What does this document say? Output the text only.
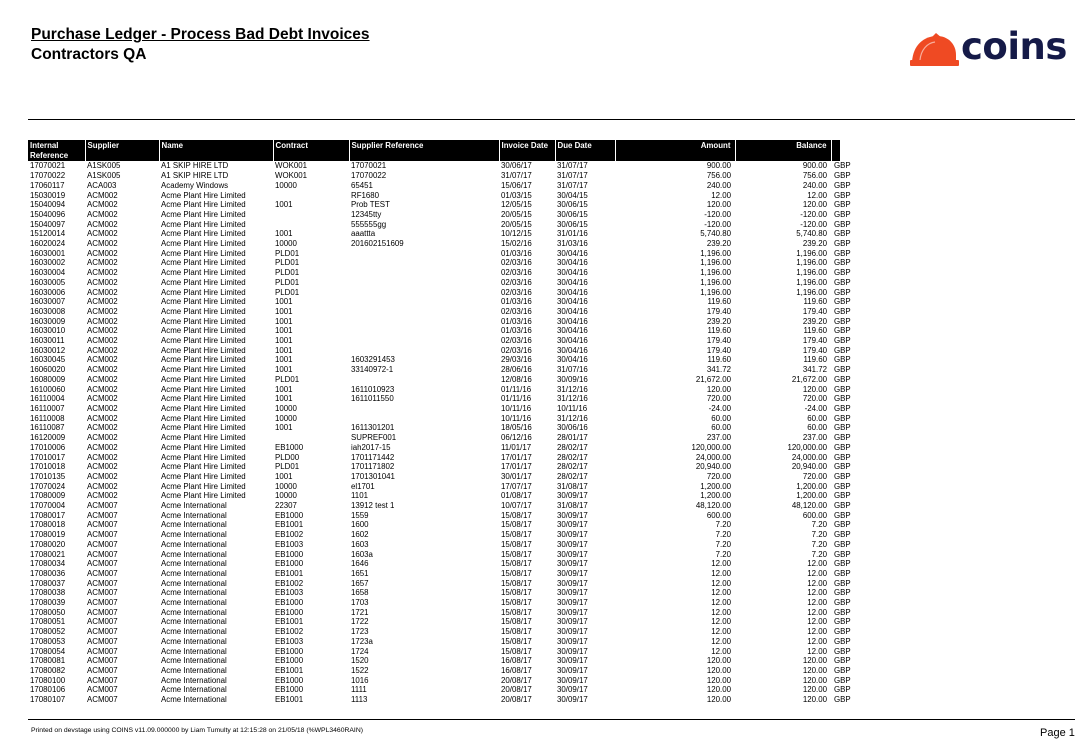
Purchase Ledger - Process Bad Debt Invoices
Contractors QA	coins
Internal Reference	Supplier	Name	Contract	Supplier Reference	Invoice Date	Due Date	Amount	Balance	
17070021	A1SK005	A1 SKIP HIRE LTD	WOK001	17070021	30/06/17	31/07/17	900.00	900.00	GBP
17070022	A1SK005	A1 SKIP HIRE LTD	WOK001	17070022	31/07/17	31/07/17	756.00	756.00	GBP
17060117	ACA003	Academy Windows	10000	65451	15/06/17	31/07/17	240.00	240.00	GBP
15030019	ACM002	Acme Plant Hire Limited		RF1680	01/03/15	30/04/15	12.00	12.00	GBP
15040094	ACM002	Acme Plant Hire Limited	1001	Prob TEST	12/05/15	30/06/15	120.00	120.00	GBP
15040096	ACM002	Acme Plant Hire Limited		12345tty	20/05/15	30/06/15	-120.00	-120.00	GBP
15040097	ACM002	Acme Plant Hire Limited		555555gg	20/05/15	30/06/15	-120.00	-120.00	GBP
15120014	ACM002	Acme Plant Hire Limited	1001	aaattta	10/12/15	31/01/16	5,740.80	5,740.80	GBP
16020024	ACM002	Acme Plant Hire Limited	10000	201602151609	15/02/16	31/03/16	239.20	239.20	GBP
16030001	ACM002	Acme Plant Hire Limited	PLD01		01/03/16	30/04/16	1,196.00	1,196.00	GBP
16030002	ACM002	Acme Plant Hire Limited	PLD01		02/03/16	30/04/16	1,196.00	1,196.00	GBP
16030004	ACM002	Acme Plant Hire Limited	PLD01		02/03/16	30/04/16	1,196.00	1,196.00	GBP
16030005	ACM002	Acme Plant Hire Limited	PLD01		02/03/16	30/04/16	1,196.00	1,196.00	GBP
16030006	ACM002	Acme Plant Hire Limited	PLD01		02/03/16	30/04/16	1,196.00	1,196.00	GBP
16030007	ACM002	Acme Plant Hire Limited	1001		01/03/16	30/04/16	119.60	119.60	GBP
16030008	ACM002	Acme Plant Hire Limited	1001		02/03/16	30/04/16	179.40	179.40	GBP
16030009	ACM002	Acme Plant Hire Limited	1001		01/03/16	30/04/16	239.20	239.20	GBP
16030010	ACM002	Acme Plant Hire Limited	1001		01/03/16	30/04/16	119.60	119.60	GBP
16030011	ACM002	Acme Plant Hire Limited	1001		02/03/16	30/04/16	179.40	179.40	GBP
16030012	ACM002	Acme Plant Hire Limited	1001		02/03/16	30/04/16	179.40	179.40	GBP
16030045	ACM002	Acme Plant Hire Limited	1001	1603291453	29/03/16	30/04/16	119.60	119.60	GBP
16060020	ACM002	Acme Plant Hire Limited	1001	33140972-1	28/06/16	31/07/16	341.72	341.72	GBP
16080009	ACM002	Acme Plant Hire Limited	PLD01		12/08/16	30/09/16	21,672.00	21,672.00	GBP
16100060	ACM002	Acme Plant Hire Limited	1001	1611010923	01/11/16	31/12/16	120.00	120.00	GBP
16110004	ACM002	Acme Plant Hire Limited	1001	1611011550	01/11/16	31/12/16	720.00	720.00	GBP
16110007	ACM002	Acme Plant Hire Limited	10000		10/11/16	10/11/16	-24.00	-24.00	GBP
16110008	ACM002	Acme Plant Hire Limited	10000		10/11/16	31/12/16	60.00	60.00	GBP
16110087	ACM002	Acme Plant Hire Limited	1001	1611301201	18/05/16	30/06/16	60.00	60.00	GBP
16120009	ACM002	Acme Plant Hire Limited		SUPREF001	06/12/16	28/01/17	237.00	237.00	GBP
17010006	ACM002	Acme Plant Hire Limited	EB1000	iah2017-15	11/01/17	28/02/17	120,000.00	120,000.00	GBP
17010017	ACM002	Acme Plant Hire Limited	PLD00	1701171442	17/01/17	28/02/17	24,000.00	24,000.00	GBP
17010018	ACM002	Acme Plant Hire Limited	PLD01	1701171802	17/01/17	28/02/17	20,940.00	20,940.00	GBP
17010135	ACM002	Acme Plant Hire Limited	1001	1701301041	30/01/17	28/02/17	720.00	720.00	GBP
17070024	ACM002	Acme Plant Hire Limited	10000	el1701	17/07/17	31/08/17	1,200.00	1,200.00	GBP
17080009	ACM002	Acme Plant Hire Limited	10000	1101	01/08/17	30/09/17	1,200.00	1,200.00	GBP
17070004	ACM007	Acme International	22307	13912 test 1	10/07/17	31/08/17	48,120.00	48,120.00	GBP
17080017	ACM007	Acme International	EB1000	1559	15/08/17	30/09/17	600.00	600.00	GBP
17080018	ACM007	Acme International	EB1001	1600	15/08/17	30/09/17	7.20	7.20	GBP
17080019	ACM007	Acme International	EB1002	1602	15/08/17	30/09/17	7.20	7.20	GBP
17080020	ACM007	Acme International	EB1003	1603	15/08/17	30/09/17	7.20	7.20	GBP
17080021	ACM007	Acme International	EB1000	1603a	15/08/17	30/09/17	7.20	7.20	GBP
17080034	ACM007	Acme International	EB1000	1646	15/08/17	30/09/17	12.00	12.00	GBP
17080036	ACM007	Acme International	EB1001	1651	15/08/17	30/09/17	12.00	12.00	GBP
17080037	ACM007	Acme International	EB1002	1657	15/08/17	30/09/17	12.00	12.00	GBP
17080038	ACM007	Acme International	EB1003	1658	15/08/17	30/09/17	12.00	12.00	GBP
17080039	ACM007	Acme International	EB1000	1703	15/08/17	30/09/17	12.00	12.00	GBP
17080050	ACM007	Acme International	EB1000	1721	15/08/17	30/09/17	12.00	12.00	GBP
17080051	ACM007	Acme International	EB1001	1722	15/08/17	30/09/17	12.00	12.00	GBP
17080052	ACM007	Acme International	EB1002	1723	15/08/17	30/09/17	12.00	12.00	GBP
17080053	ACM007	Acme International	EB1003	1723a	15/08/17	30/09/17	12.00	12.00	GBP
17080054	ACM007	Acme International	EB1000	1724	15/08/17	30/09/17	12.00	12.00	GBP
17080081	ACM007	Acme International	EB1000	1520	16/08/17	30/09/17	120.00	120.00	GBP
17080082	ACM007	Acme International	EB1001	1522	16/08/17	30/09/17	120.00	120.00	GBP
17080100	ACM007	Acme International	EB1000	1016	20/08/17	30/09/17	120.00	120.00	GBP
17080106	ACM007	Acme International	EB1000	1111	20/08/17	30/09/17	120.00	120.00	GBP
17080107	ACM007	Acme International	EB1001	1113	20/08/17	30/09/17	120.00	120.00	GBP
Printed on devstage using COINS v11.09.000000 by Liam Tumulty at 12:15:28 on 21/05/18 (%WPL3460RAIN)	Page 1
